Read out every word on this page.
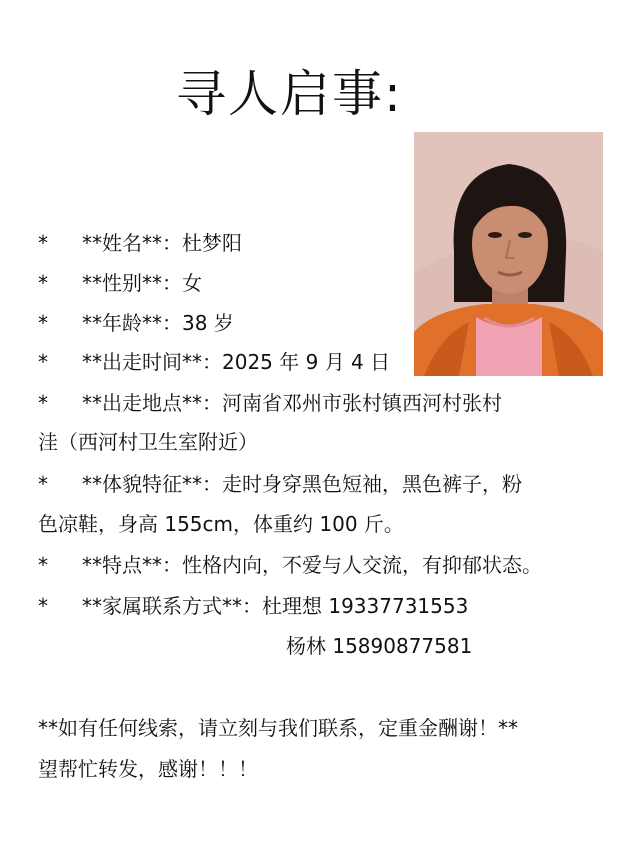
寻人启事:
* **姓名**：杜梦阳
* **性别**：女
* **年龄**：38 岁
* **出走时间**：2025 年 9 月 4 日
* **出走地点**：河南省邓州市张村镇西河村张村
洼（西河村卫生室附近）
* **体貌特征**：走时身穿黑色短袖，黑色裤子，粉
色凉鞋，身高 155cm，体重约 100 斤。
* **特点**：性格内向，不爱与人交流，有抑郁状态。
* **家属联系方式**：杜理想 19337731553
杨林 15890877581
**如有任何线索，请立刻与我们联系，定重金酬谢！**
望帮忙转发，感谢！！！
